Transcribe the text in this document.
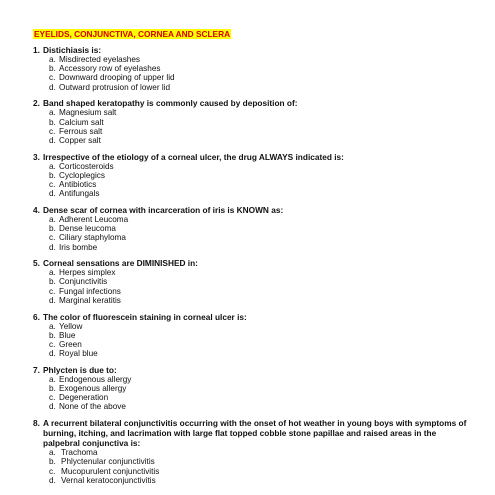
EYELIDS, CONJUNCTIVA, CORNEA AND SCLERA
1. Distichiasis is:
a. Misdirected eyelashes
b. Accessory row of eyelashes
c. Downward drooping of upper lid
d. Outward protrusion of lower lid
2. Band shaped keratopathy is commonly caused by deposition of:
a. Magnesium salt
b. Calcium salt
c. Ferrous salt
d. Copper salt
3. Irrespective of the etiology of a corneal ulcer, the drug ALWAYS indicated is:
a. Corticosteroids
b. Cycloplegics
c. Antibiotics
d. Antifungals
4. Dense scar of cornea with incarceration of iris is KNOWN as:
a. Adherent Leucoma
b. Dense leucoma
c. Ciliary staphyloma
d. Iris bombe
5. Corneal sensations are DIMINISHED in:
a. Herpes simplex
b. Conjunctivitis
c. Fungal infections
d. Marginal keratitis
6. The color of fluorescein staining in corneal ulcer is:
a. Yellow
b. Blue
c. Green
d. Royal blue
7. Phlycten is due to:
a. Endogenous allergy
b. Exogenous allergy
c. Degeneration
d. None of the above
8. A recurrent bilateral conjunctivitis occurring with the onset of hot weather in young boys with symptoms of burning, itching, and lacrimation with large flat topped cobble stone papillae and raised areas in the palpebral conjunctiva is:
a. Trachoma
b. Phlyctenular conjunctivitis
c. Mucopurulent conjunctivitis
d. Vernal keratoconjunctivitis
